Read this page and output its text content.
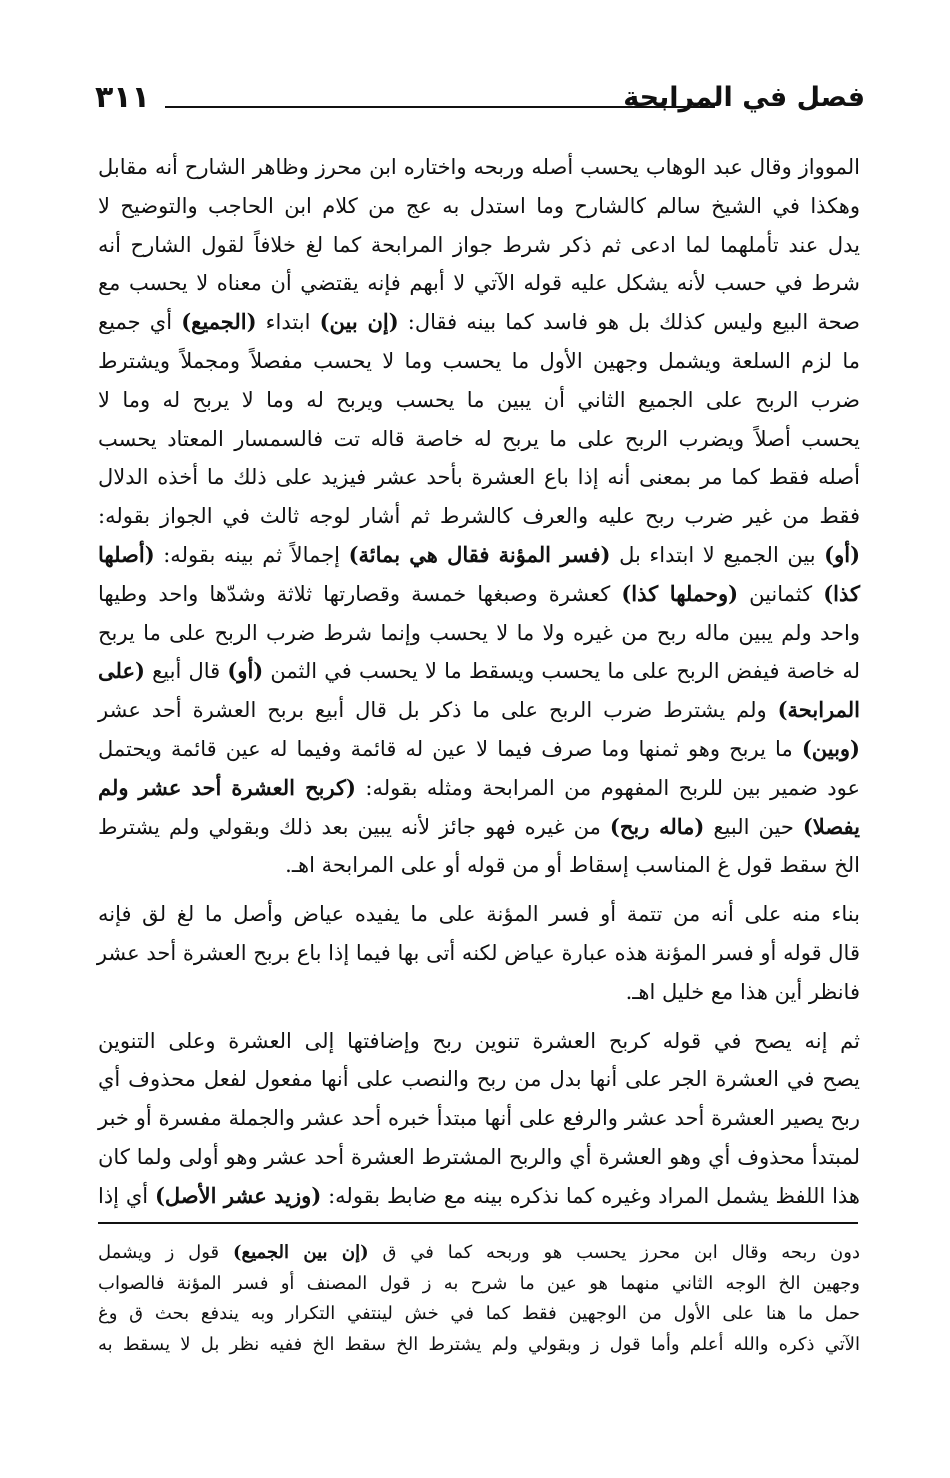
فصل في المرابحة
٣١١
الموواز وقال عبد الوهاب يحسب أصله وربحه واختاره ابن محرز وظاهر الشارح أنه مقابل
وهكذا في الشيخ سالم كالشارح وما استدل به عج من كلام ابن الحاجب والتوضيح لا
يدل عند تأملهما لما ادعى ثم ذكر شرط جواز المرابحة كما لغ خلافاً لقول الشارح أنه
شرط في حسب لأنه يشكل عليه قوله الآتي لا أبهم فإنه يقتضي أن معناه لا يحسب مع
صحة البيع وليس كذلك بل هو فاسد كما بينه فقال: (إن بين) ابتداء (الجميع) أي جميع
ما لزم السلعة ويشمل وجهين الأول ما يحسب وما لا يحسب مفصلاً ومجملاً ويشترط
ضرب الربح على الجميع الثاني أن يبين ما يحسب ويربح له وما لا يربح له وما لا
يحسب أصلاً ويضرب الربح على ما يربح له خاصة قاله تت فالسمسار المعتاد يحسب
أصله فقط كما مر بمعنى أنه إذا باع العشرة بأحد عشر فيزيد على ذلك ما أخذه الدلال
فقط من غير ضرب ربح عليه والعرف كالشرط ثم أشار لوجه ثالث في الجواز بقوله:
(أو) بين الجميع لا ابتداء بل (فسر المؤنة فقال هي بمائة) إجمالاً ثم بينه بقوله: (أصلها
كذا) كثمانين (وحملها كذا) كعشرة وصبغها خمسة وقصارتها ثلاثة وشدّها واحد وطيها
واحد ولم يبين ماله ربح من غيره ولا ما لا يحسب وإنما شرط ضرب الربح على ما يربح
له خاصة فيفض الربح على ما يحسب ويسقط ما لا يحسب في الثمن (أو) قال أبيع (على
المرابحة) ولم يشترط ضرب الربح على ما ذكر بل قال أبيع بربح العشرة أحد عشر
(وبين) ما يربح وهو ثمنها وما صرف فيما لا عين له قائمة وفيما له عين قائمة ويحتمل
عود ضمير بين للربح المفهوم من المرابحة ومثله بقوله: (كربح العشرة أحد عشر ولم
يفصلا) حين البيع (ماله ربح) من غيره فهو جائز لأنه يبين بعد ذلك وبقولي ولم يشترط
الخ سقط قول غ المناسب إسقاط أو من قوله أو على المرابحة اهـ.
بناء منه على أنه من تتمة أو فسر المؤنة على ما يفيده عياض وأصل ما لغ لق فإنه
قال قوله أو فسر المؤنة هذه عبارة عياض لكنه أتى بها فيما إذا باع بربح العشرة أحد عشر
فانظر أين هذا مع خليل اهـ.
ثم إنه يصح في قوله كربح العشرة تنوين ربح وإضافتها إلى العشرة وعلى التنوين
يصح في العشرة الجر على أنها بدل من ربح والنصب على أنها مفعول لفعل محذوف أي
ربح يصير العشرة أحد عشر والرفع على أنها مبتدأ خبره أحد عشر والجملة مفسرة أو خبر
لمبتدأ محذوف أي وهو العشرة أي والربح المشترط العشرة أحد عشر وهو أولى ولما كان
هذا اللفظ يشمل المراد وغيره كما نذكره بينه مع ضابط بقوله: (وزيد عشر الأصل) أي إذا
دون ربحه وقال ابن محرز يحسب هو وربحه كما في ق (إن بين الجميع) قول ز ويشمل
وجهين الخ الوجه الثاني منهما هو عين ما شرح به ز قول المصنف أو فسر المؤنة فالصواب
حمل ما هنا على الأول من الوجهين فقط كما في خش لينتفي التكرار وبه يندفع بحث ق وغ
الآتي ذكره والله أعلم وأما قول ز وبقولي ولم يشترط الخ سقط الخ ففيه نظر بل لا يسقط به
